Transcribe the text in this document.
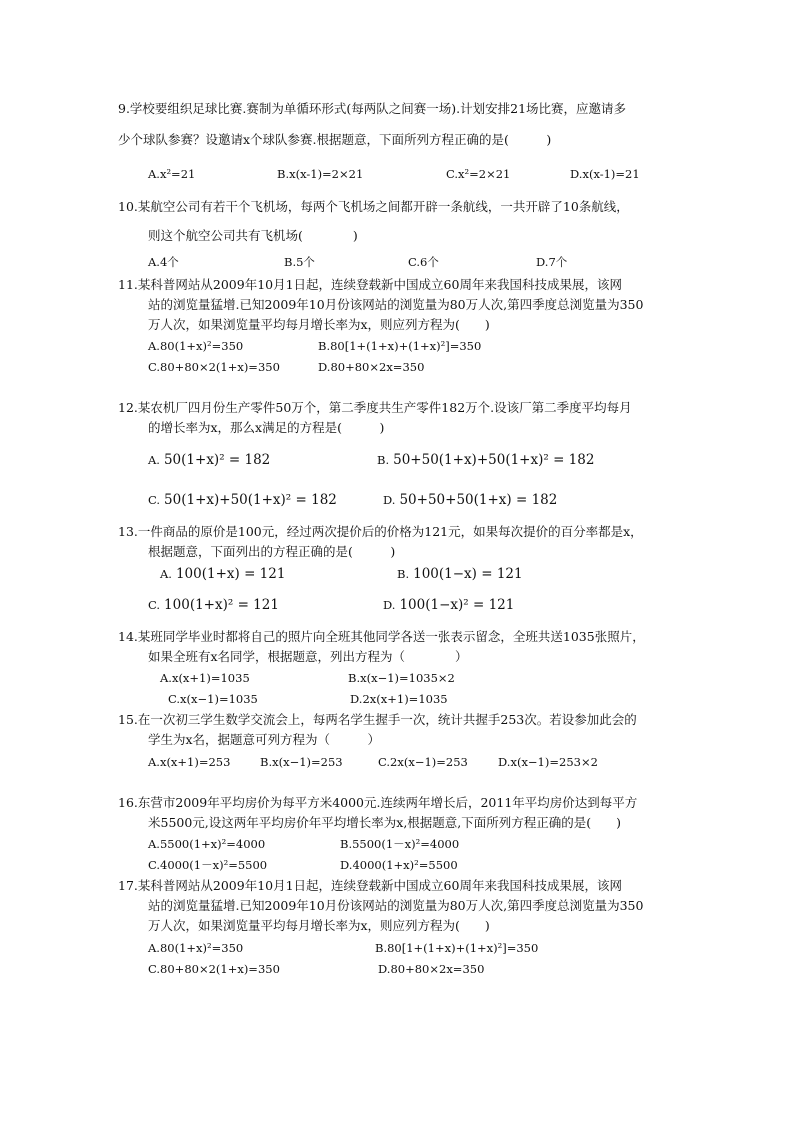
9.学校要组织足球比赛.赛制为单循环形式(每两队之间赛一场).计划安排21场比赛，应邀请多
少个球队参赛？设邀请x个球队参赛.根据题意，下面所列方程正确的是(　　　)
A.x²=21	B.x(x-1)=2×21	C.x²=2×21	D.x(x-1)=21
10.某航空公司有若干个飞机场，每两个飞机场之间都开辟一条航线，一共开辟了10条航线，
则这个航空公司共有飞机场(　　　　)
A.4个	B.5个	C.6个	D.7个
11.某科普网站从2009年10月1日起，连续登载新中国成立60周年来我国科技成果展，该网
站的浏览量猛增.已知2009年10月份该网站的浏览量为80万人次,第四季度总浏览量为350
万人次，如果浏览量平均每月增长率为x，则应列方程为(　　)
A.80(1+x)²=350	B.80[1+(1+x)+(1+x)²]=350
C.80+80×2(1+x)=350	D.80+80×2x=350
12.某农机厂四月份生产零件50万个，第二季度共生产零件182万个.设该厂第二季度平均每月
的增长率为x，那么x满足的方程是(　　　)
A. 50(1+x)² = 182	B. 50+50(1+x)+50(1+x)² = 182
C. 50(1+x)+50(1+x)² = 182	D. 50+50+50(1+x) = 182
13.一件商品的原价是100元，经过两次提价后的价格为121元，如果每次提价的百分率都是x，
根据题意，下面列出的方程正确的是(　　　)
A. 100(1+x) = 121	B. 100(1−x) = 121
C. 100(1+x)² = 121	D. 100(1−x)² = 121
14.某班同学毕业时都将自己的照片向全班其他同学各送一张表示留念，全班共送1035张照片，
如果全班有x名同学，根据题意，列出方程为（　　　　）
A.x(x+1)=1035	B.x(x−1)=1035×2
C.x(x−1)=1035	D.2x(x+1)=1035
15.在一次初三学生数学交流会上，每两名学生握手一次，统计共握手253次。若设参加此会的
学生为x名，据题意可列方程为（　　　）
A.x(x+1)=253	B.x(x−1)=253	C.2x(x−1)=253	D.x(x−1)=253×2
16.东营市2009年平均房价为每平方米4000元.连续两年增长后，2011年平均房价达到每平方
米5500元,设这两年平均房价年平均增长率为x,根据题意,下面所列方程正确的是(　　)
A.5500(1+x)²=4000	B.5500(1－x)²=4000
C.4000(1－x)²=5500	D.4000(1+x)²=5500
17.某科普网站从2009年10月1日起，连续登载新中国成立60周年来我国科技成果展，该网
站的浏览量猛增.已知2009年10月份该网站的浏览量为80万人次,第四季度总浏览量为350
万人次，如果浏览量平均每月增长率为x，则应列方程为(　　)
A.80(1+x)²=350	B.80[1+(1+x)+(1+x)²]=350
C.80+80×2(1+x)=350	D.80+80×2x=350
